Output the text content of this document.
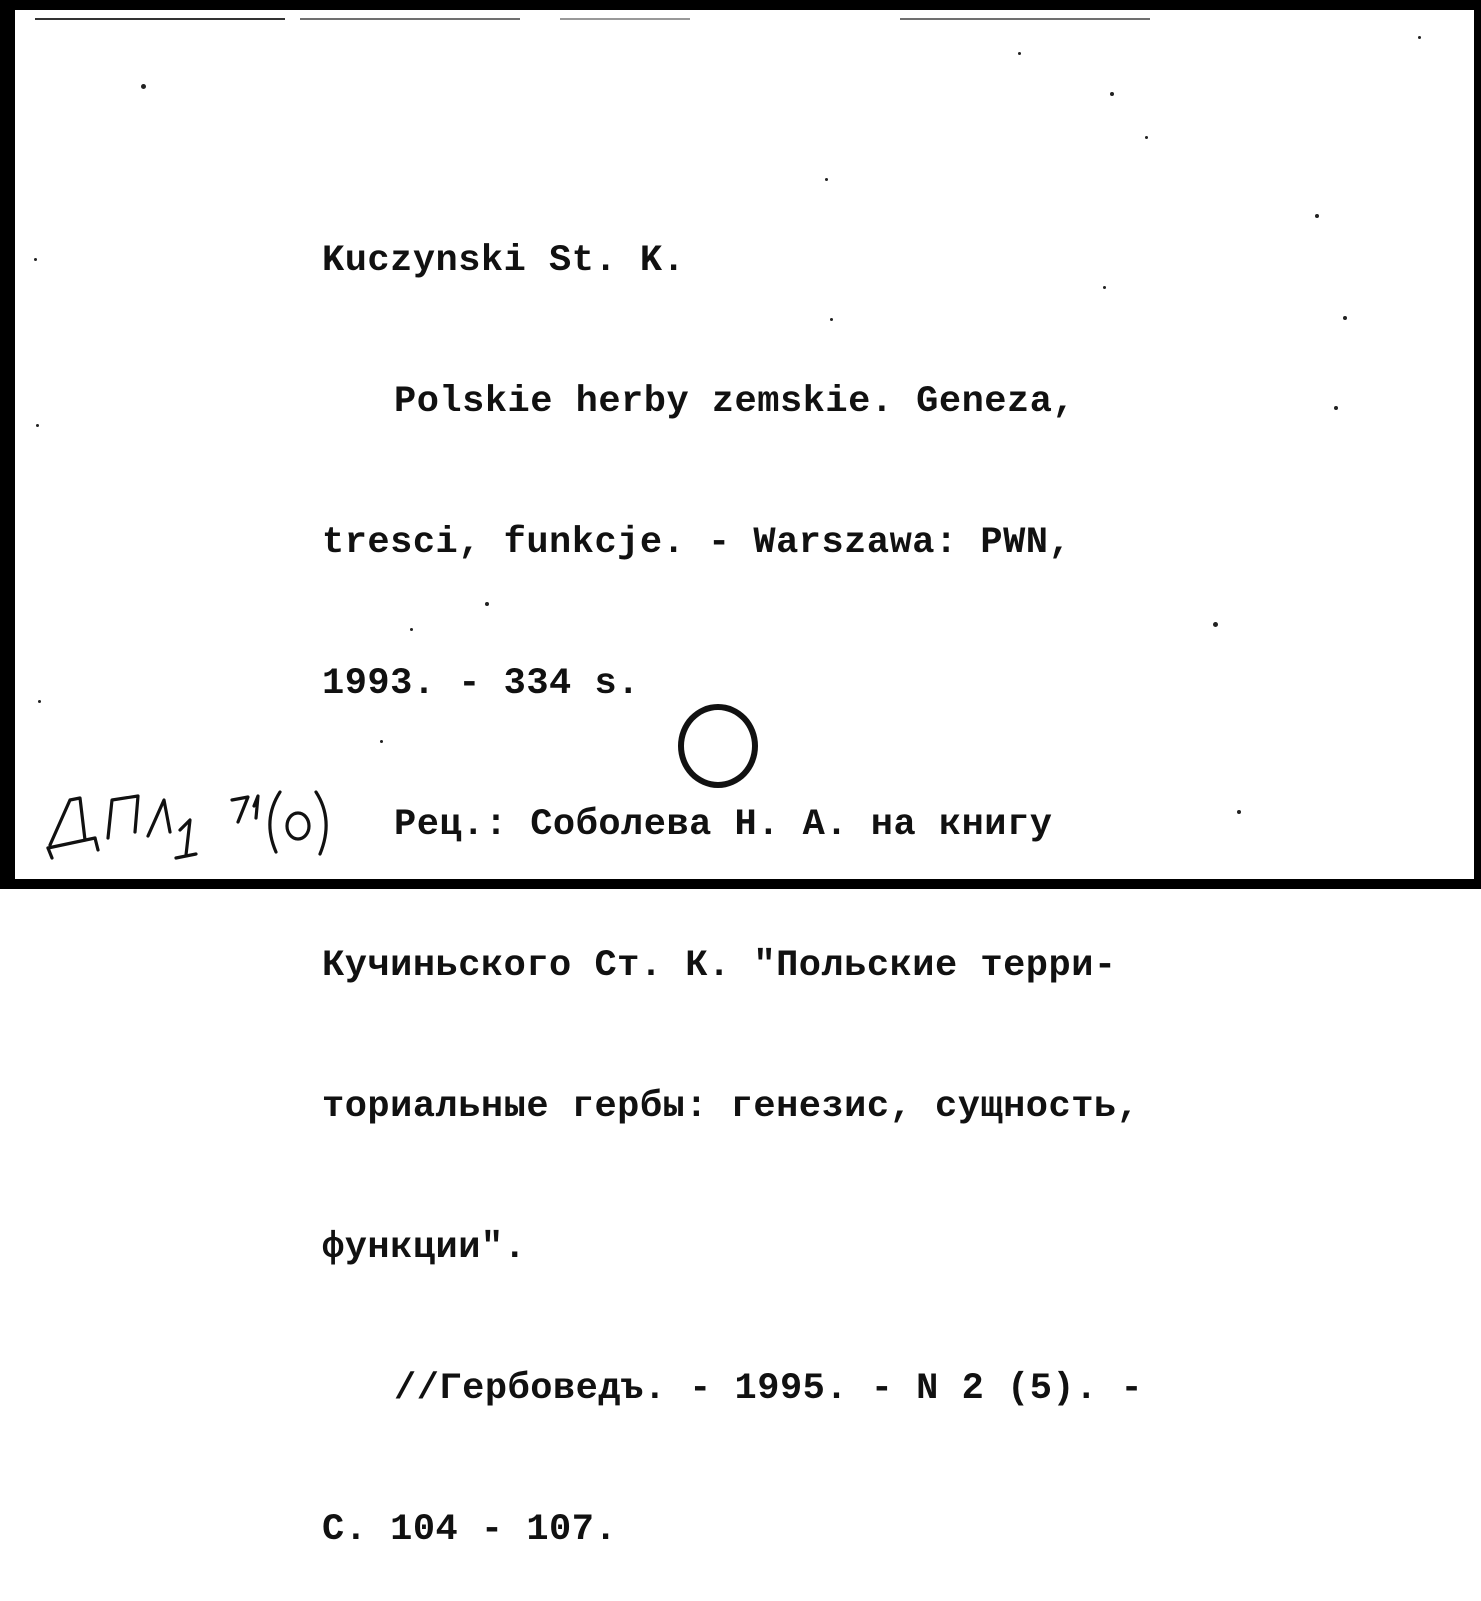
Kuczynski St. K.

Polskie herby zemskie. Geneza,

tresci, funkcje. - Warszawa: PWN,

1993. - 334 s.

Рец.: Соболева Н. А. на книгу

Кучиньского Ст. К. "Польские терри-

ториальные гербы: генезис, сущность,

функции".

//Гербоведъ. - 1995. - N 2 (5). -

С. 104 - 107.
